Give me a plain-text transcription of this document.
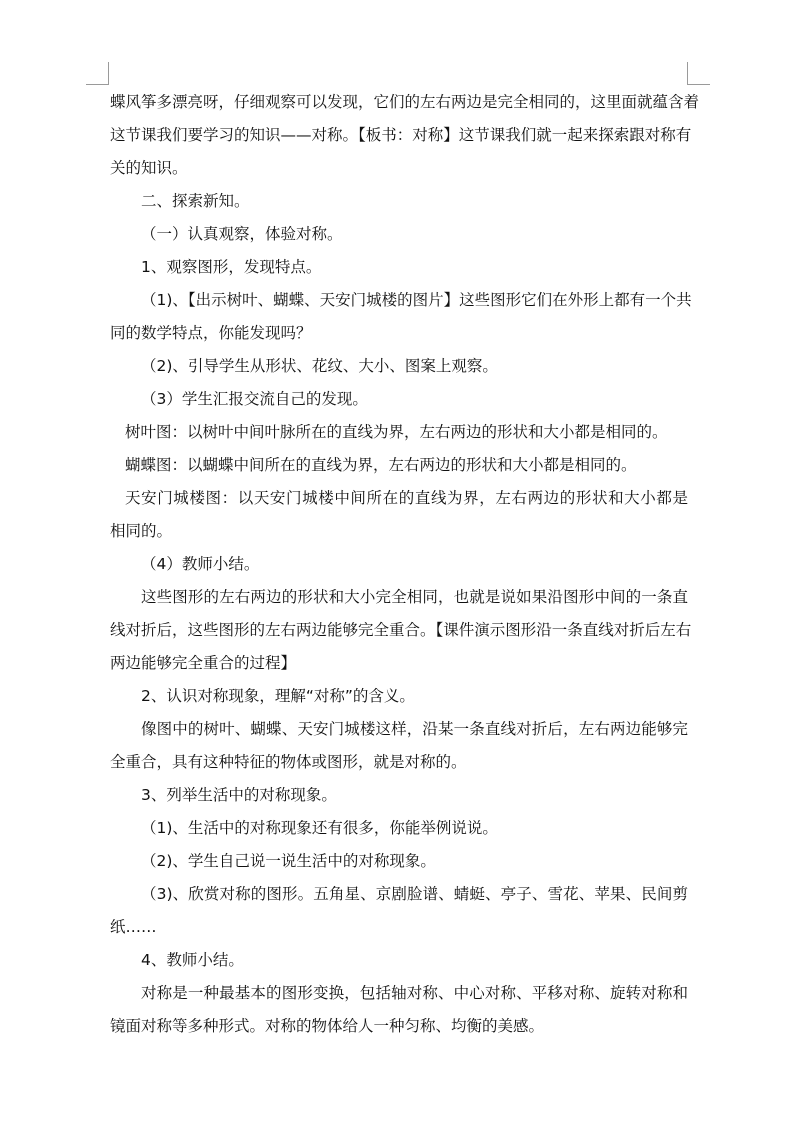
蝶风筝多漂亮呀，仔细观察可以发现，它们的左右两边是完全相同的，这里面就蕴含着
这节课我们要学习的知识——对称。【板书：对称】这节课我们就一起来探索跟对称有
关的知识。
二、探索新知。
（一）认真观察，体验对称。
1、观察图形，发现特点。
（1)、【出示树叶、蝴蝶、天安门城楼的图片】这些图形它们在外形上都有一个共
同的数学特点，你能发现吗？
（2)、引导学生从形状、花纹、大小、图案上观察。
（3）学生汇报交流自己的发现。
树叶图：以树叶中间叶脉所在的直线为界，左右两边的形状和大小都是相同的。
蝴蝶图：以蝴蝶中间所在的直线为界，左右两边的形状和大小都是相同的。
天安门城楼图：以天安门城楼中间所在的直线为界，左右两边的形状和大小都是
相同的。
（4）教师小结。
这些图形的左右两边的形状和大小完全相同，也就是说如果沿图形中间的一条直
线对折后，这些图形的左右两边能够完全重合。【课件演示图形沿一条直线对折后左右
两边能够完全重合的过程】
2、认识对称现象，理解“对称”的含义。
像图中的树叶、蝴蝶、天安门城楼这样，沿某一条直线对折后，左右两边能够完
全重合，具有这种特征的物体或图形，就是对称的。
3、列举生活中的对称现象。
（1)、生活中的对称现象还有很多，你能举例说说。
（2)、学生自己说一说生活中的对称现象。
（3)、欣赏对称的图形。五角星、京剧脸谱、蜻蜓、亭子、雪花、苹果、民间剪
纸……
4、教师小结。
对称是一种最基本的图形变换，包括轴对称、中心对称、平移对称、旋转对称和
镜面对称等多种形式。对称的物体给人一种匀称、均衡的美感。
